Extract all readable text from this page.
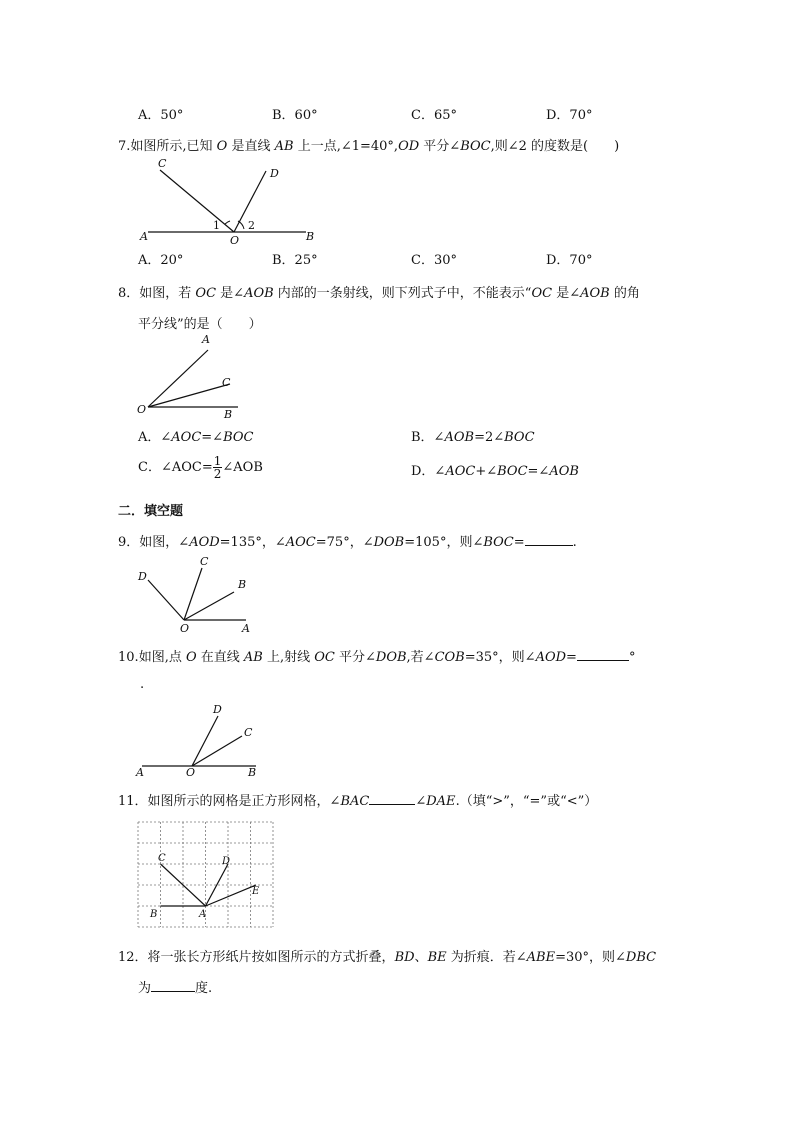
A．50°	B．60°	C．65°	D．70°
7.如图所示,已知 O 是直线 AB 上一点,∠1=40°,OD 平分∠BOC,则∠2 的度数是(　　)
C
D
A	B
O
1	2
A．20°	B．25°	C．30°	D．70°
8．如图，若 OC 是∠AOB 内部的一条射线，则下列式子中，不能表示“OC 是∠AOB 的角
平分线”的是（　　）
A
C
O	B
A．∠AOC=∠BOC	B．∠AOB=2∠BOC
C．∠AOC= $\frac{1}{2}$ ∠AOB	D．∠AOC+∠BOC=∠AOB
二．填空题
9．如图，∠AOD=135°，∠AOC=75°，∠DOB=105°，则∠BOC=	.
D
C
B
O	A
10.如图,点 O 在直线 AB 上,射线 OC 平分∠DOB,若∠COB=35°，则∠AOD=	°
.
D
C
A	O	B
11．如图所示的网格是正方形网格，∠BAC	∠DAE.（填“>”，“=”或“<”）
C	D
E
B	A
12．将一张长方形纸片按如图所示的方式折叠，BD、BE 为折痕．若∠ABE=30°，则∠DBC
为	度.
